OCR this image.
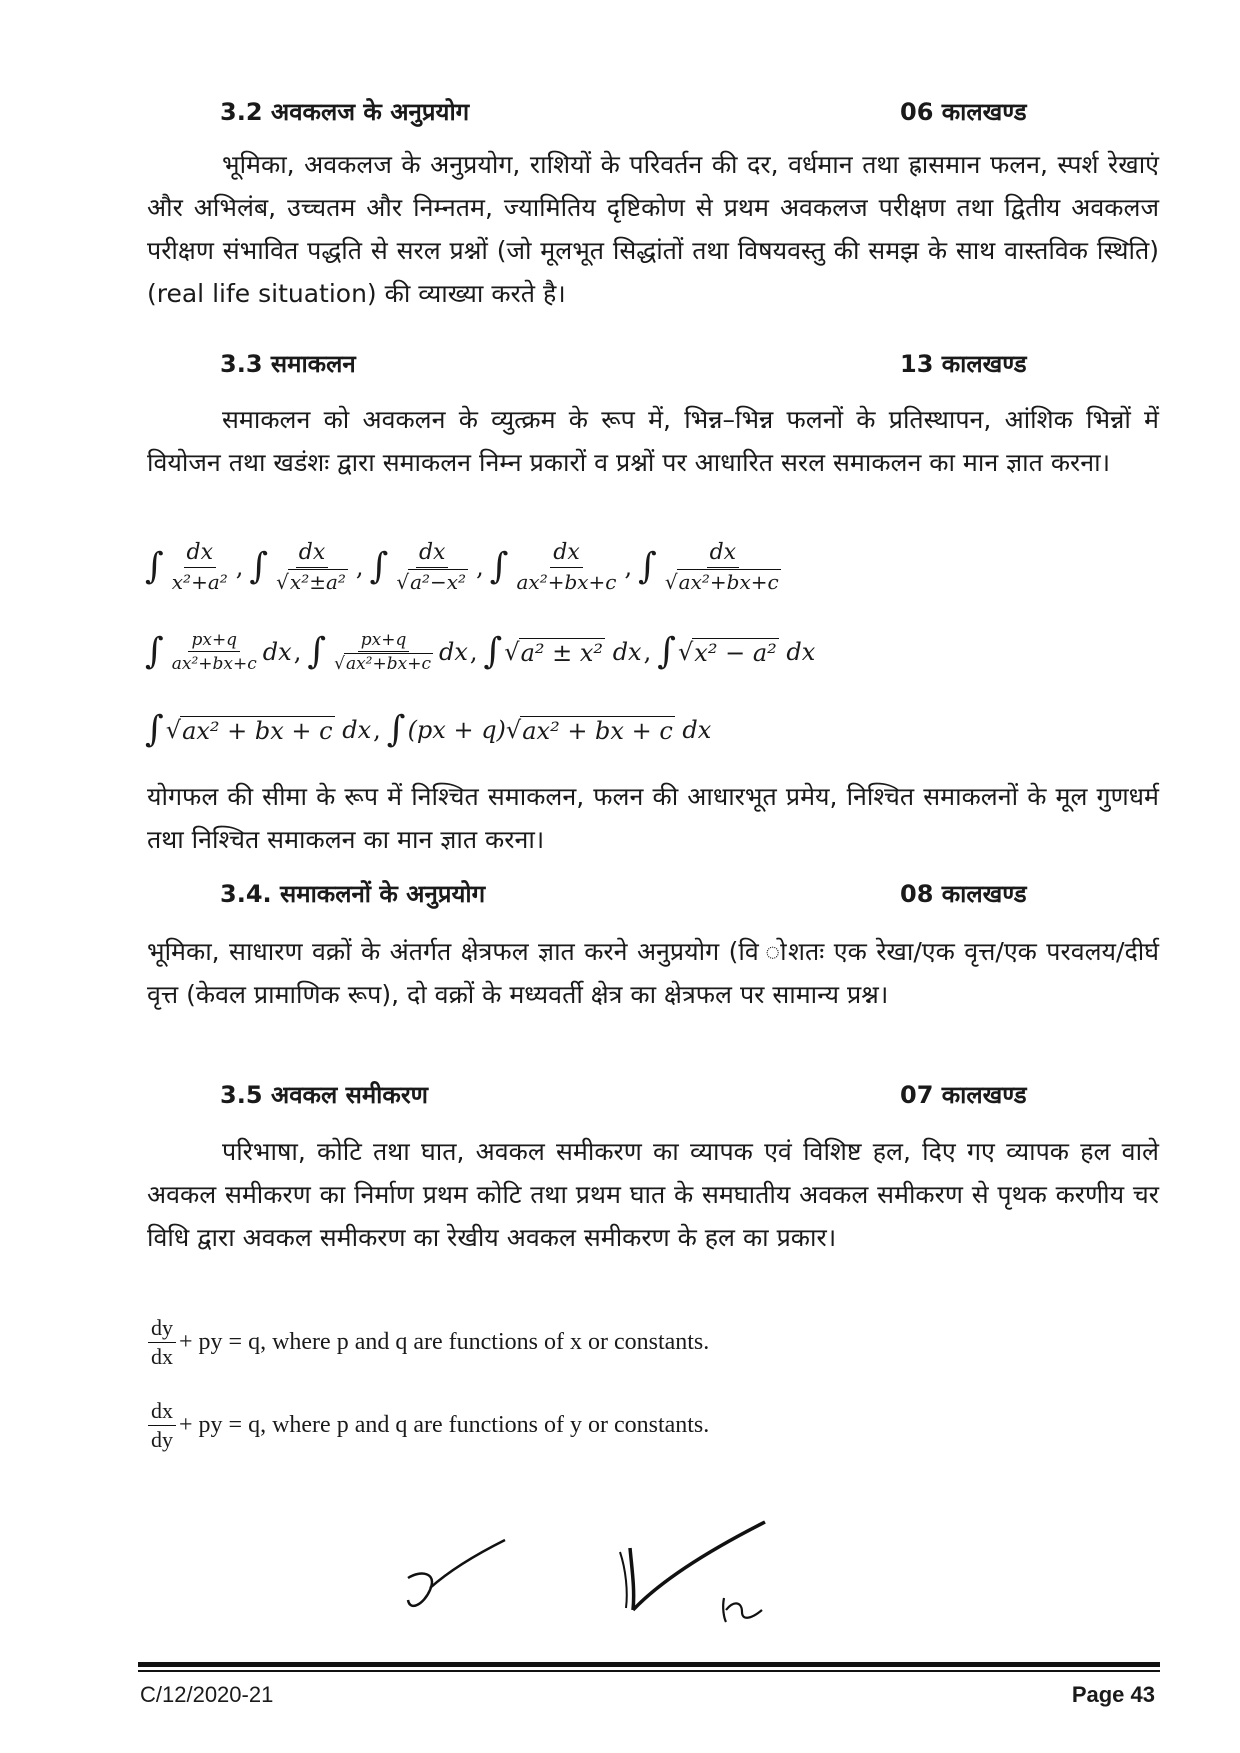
3.2 अवकलज के अनुप्रयोग	06 कालखण्ड
भूमिका, अवकलज के अनुप्रयोग, राशियों के परिवर्तन की दर, वर्धमान तथा ह्रासमान फलन, स्पर्श रेखाएं और अभिलंब, उच्चतम और निम्नतम, ज्यामितिय दृष्टिकोण से प्रथम अवकलज परीक्षण तथा द्वितीय अवकलज परीक्षण संभावित पद्धति से सरल प्रश्नों (जो मूलभूत सिद्धांतों तथा विषयवस्तु की समझ के साथ वास्तविक स्थिति) (real life situation) की व्याख्या करते है।
3.3 समाकलन	13 कालखण्ड
समाकलन को अवकलन के व्युत्क्रम के रूप में, भिन्न–भिन्न फलनों के प्रतिस्थापन, आंशिक भिन्नों में वियोजन तथा खडंशः द्वारा समाकलन निम्न प्रकारों व प्रश्नों पर आधारित सरल समाकलन का मान ज्ञात करना।
∫ $\frac{dx}{\text{x²+a²}}$ , ∫ $\frac{dx}{\text{√x²±a²}}$ , ∫ $\frac{dx}{\text{√a²−x²}}$ , ∫ $\frac{dx}{\text{ax²+bx+c}}$ , ∫ $\frac{dx}{\text{√ax²+bx+c}}$
∫ $\frac{px+q}{\text{ax²+bx+c}}$ dx , ∫ $\frac{px+q}{\text{√ax²+bx+c}}$ dx , ∫ √ a² ± x²
dx , ∫ √ x² − a²
dx
∫ √ ax² + bx + c
dx , ∫ (px + q) √ ax² + bx + c
dx
योगफल की सीमा के रूप में निश्चित समाकलन, फलन की आधारभूत प्रमेय, निश्चित समाकलनों के मूल गुणधर्म तथा निश्चित समाकलन का मान ज्ञात करना।
3.4. समाकलनों के अनुप्रयोग	08 कालखण्ड
भूमिका, साधारण वक्रों के अंतर्गत क्षेत्रफल ज्ञात करने अनुप्रयोग (वि ोशतः एक रेखा/एक वृत्त/एक परवलय/दीर्घ वृत्त (केवल प्रामाणिक रूप), दो वक्रों के मध्यवर्ती क्षेत्र का क्षेत्रफल पर सामान्य प्रश्न।
3.5 अवकल समीकरण	07 कालखण्ड
परिभाषा, कोटि तथा घात, अवकल समीकरण का व्यापक एवं विशिष्ट हल, दिए गए व्यापक हल वाले अवकल समीकरण का निर्माण प्रथम कोटि तथा प्रथम घात के समघातीय अवकल समीकरण से पृथक करणीय चर विधि द्वारा अवकल समीकरण का रेखीय अवकल समीकरण के हल का प्रकार।
$\frac{dy}{dx}$ + py = q, where p and q are functions of x or constants.
$\frac{dx}{dy}$ + py = q, where p and q are functions of y or constants.
C/12/2020-21	Page 43
